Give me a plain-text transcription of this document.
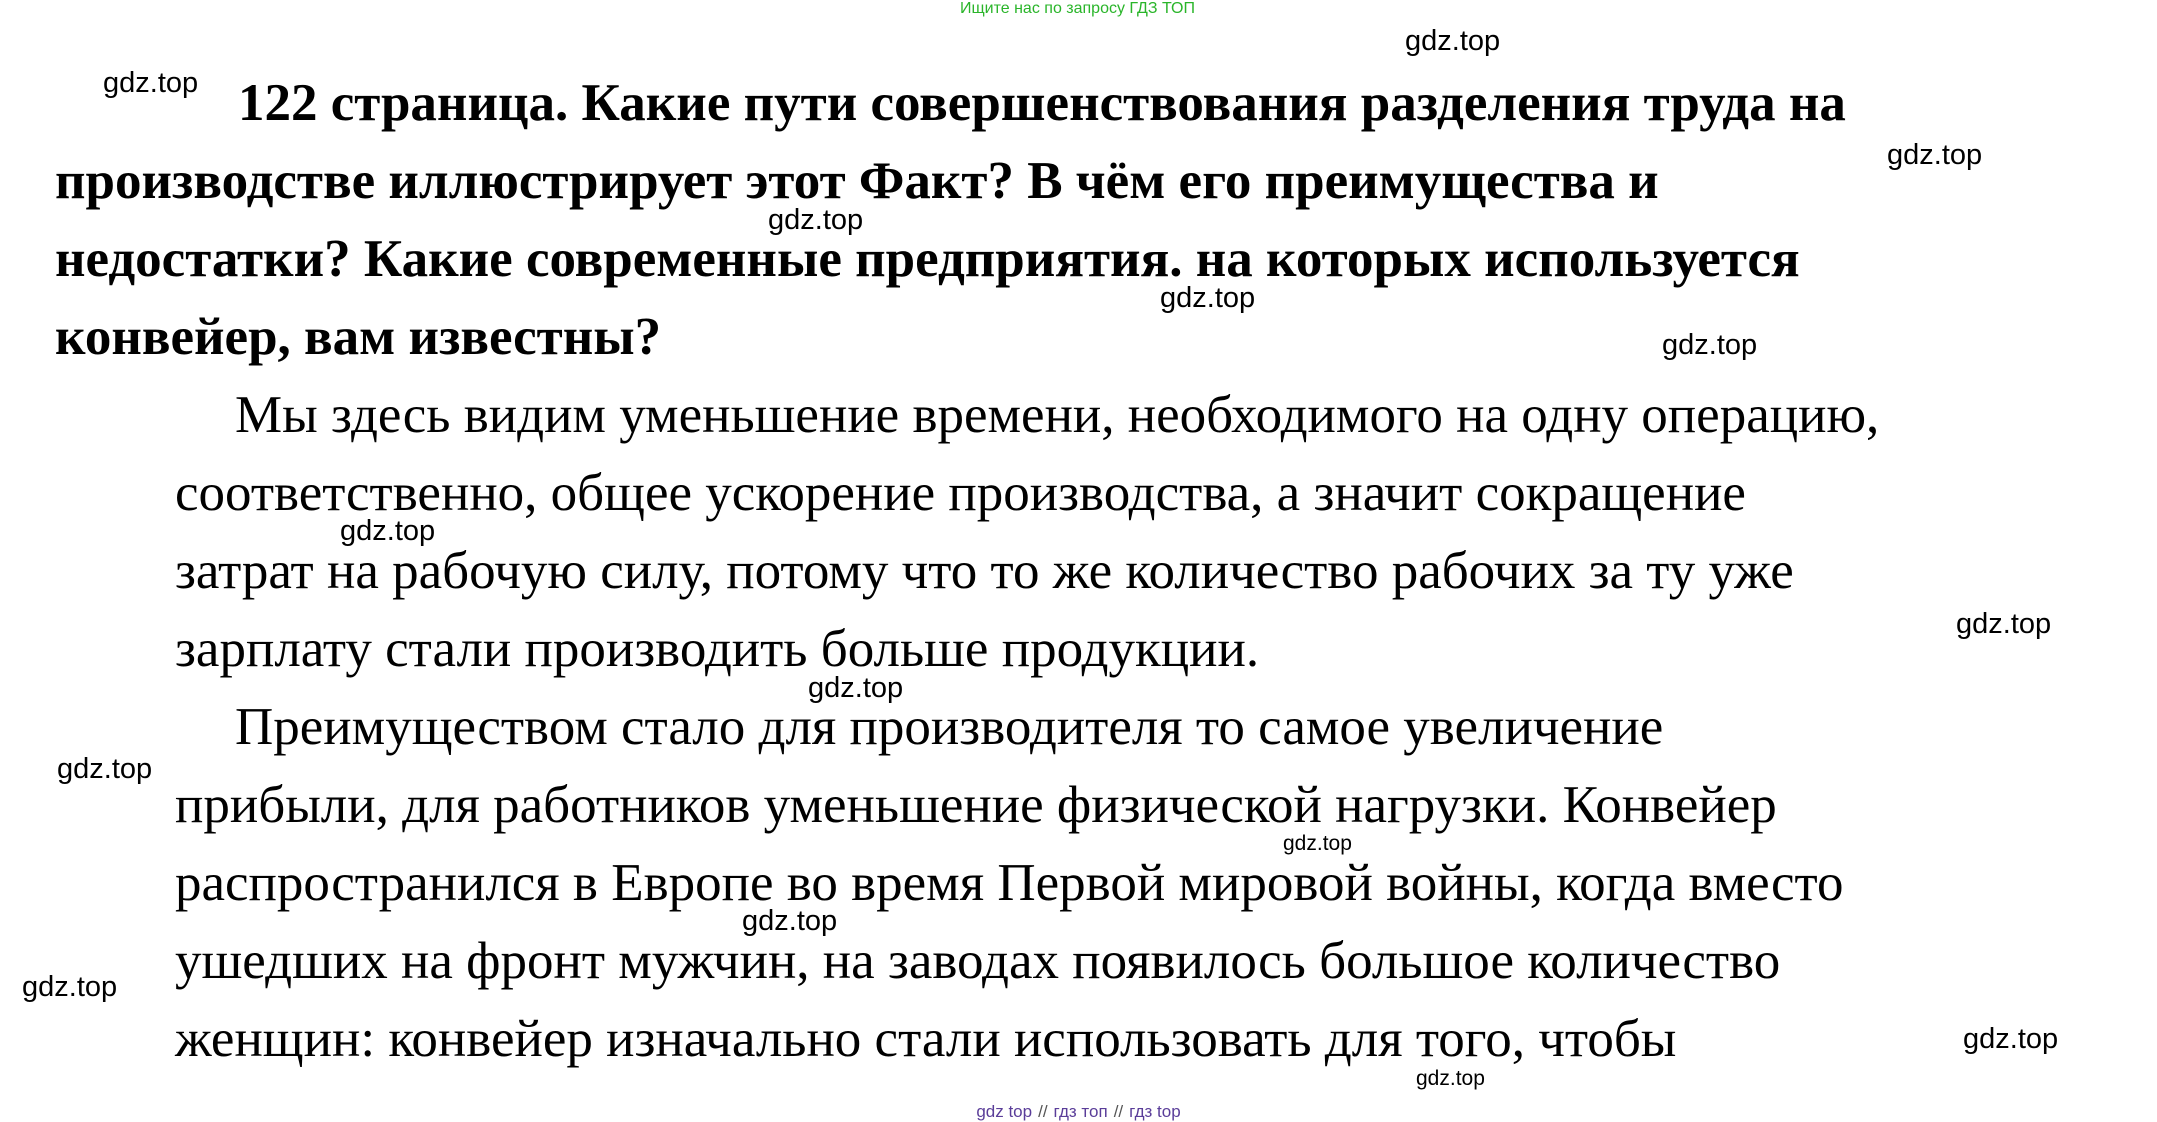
Ищите нас по запросу ГДЗ ТОП
122 страница. Какие пути совершенствования разделения труда на
производстве иллюстрирует этот Факт? В чём его преимущества и
недостатки? Какие современные предприятия. на которых используется
конвейер, вам известны?
Мы здесь видим уменьшение времени, необходимого на одну операцию,
соответственно, общее ускорение производства, а значит сокращение
затрат на рабочую силу, потому что то же количество рабочих за ту уже
зарплату стали производить больше продукции.
Преимуществом стало для производителя то самое увеличение
прибыли, для работников уменьшение физической нагрузки. Конвейер
распространился в Европе во время Первой мировой войны, когда вместо
ушедших на фронт мужчин, на заводах появилось большое количество
женщин: конвейер изначально стали использовать для того, чтобы
gdz.top
gdz.top
gdz.top
gdz.top
gdz.top
gdz.top
gdz.top
gdz.top
gdz.top
gdz.top
gdz.top
gdz.top
gdz.top
gdz.top
gdz.top
gdz top // гдз топ // гдз top
